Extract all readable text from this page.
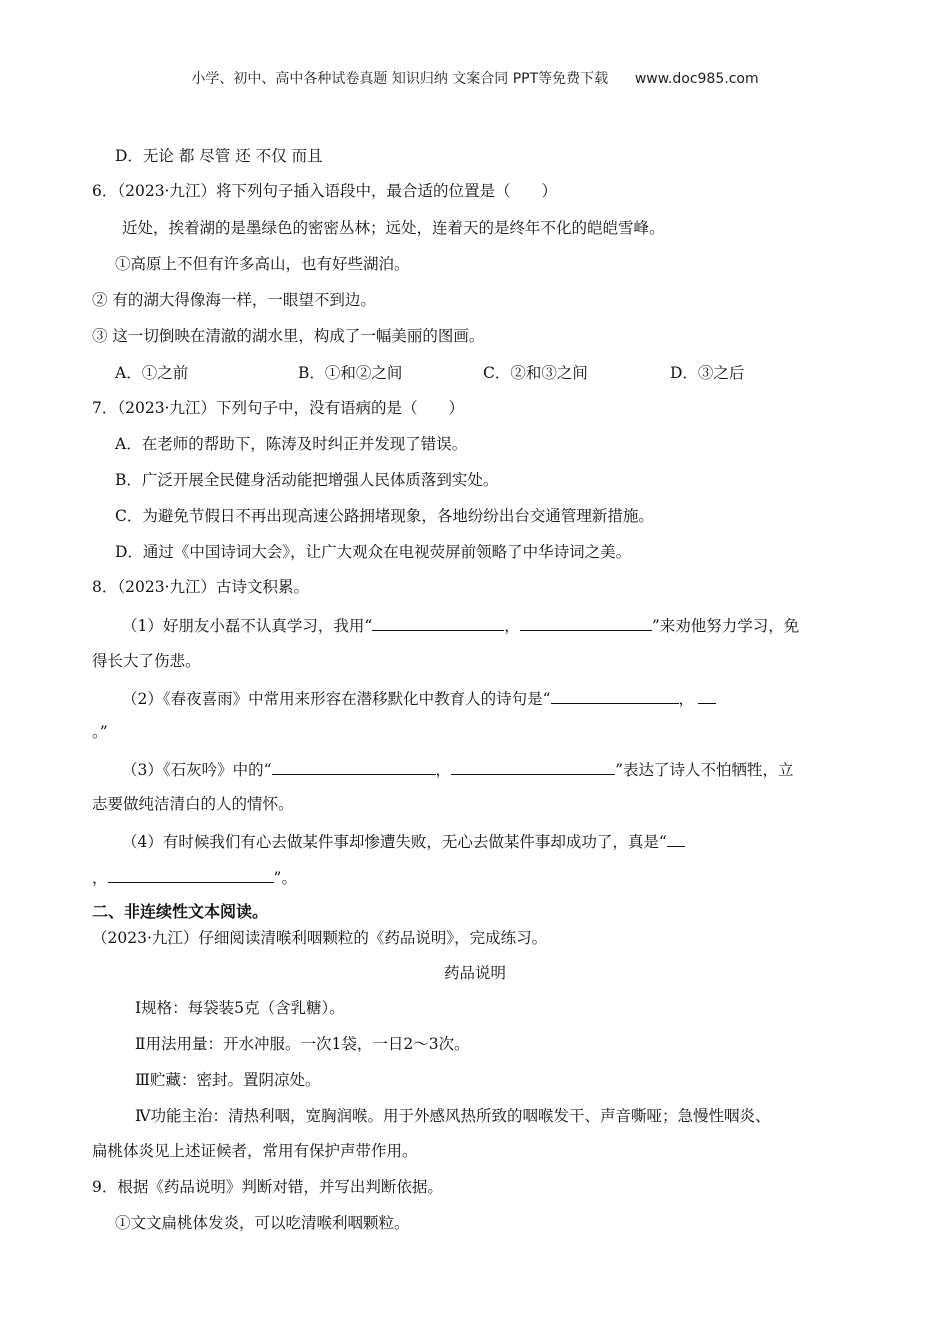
小学、初中、高中各种试卷真题 知识归纳 文案合同 PPT等免费下载      www.doc985.com
D．无论 都 尽管 还 不仅 而且
6．（2023·九江）将下列句子插入语段中，最合适的位置是（　　）
近处，挨着湖的是墨绿色的密密丛林；远处，连着天的是终年不化的皑皑雪峰。
①高原上不但有许多高山，也有好些湖泊。
② 有的湖大得像海一样，一眼望不到边。
③ 这一切倒映在清澈的湖水里，构成了一幅美丽的图画。
A．①之前	B．①和②之间	C．②和③之间	D．③之后
7．（2023·九江）下列句子中，没有语病的是（　　）
A．在老师的帮助下，陈涛及时纠正并发现了错误。
B．广泛开展全民健身活动能把增强人民体质落到实处。
C．为避免节假日不再出现高速公路拥堵现象，各地纷纷出台交通管理新措施。
D．通过《中国诗词大会》，让广大观众在电视荧屏前领略了中华诗词之美。
8．（2023·九江）古诗文积累。
（1）好朋友小磊不认真学习，我用“	，	”来劝他努力学习，免
得长大了伤悲。
（2）《春夜喜雨》中常用来形容在潜移默化中教育人的诗句是“	，
。”
（3）《石灰吟》中的“	，	”表达了诗人不怕牺牲，立
志要做纯洁清白的人的情怀。
（4）有时候我们有心去做某件事却惨遭失败，无心去做某件事却成功了，真是“
，	”。
二、非连续性文本阅读。
（2023·九江）仔细阅读清喉利咽颗粒的《药品说明》，完成练习。
药品说明
Ⅰ规格：每袋装5克（含乳糖）。
Ⅱ用法用量：开水冲服。一次1袋，一日2～3次。
Ⅲ贮藏：密封。置阴凉处。
Ⅳ功能主治：清热利咽，宽胸润喉。用于外感风热所致的咽喉发干、声音嘶哑；急慢性咽炎、
扁桃体炎见上述证候者，常用有保护声带作用。
9．根据《药品说明》判断对错，并写出判断依据。
①文文扁桃体发炎，可以吃清喉利咽颗粒。
